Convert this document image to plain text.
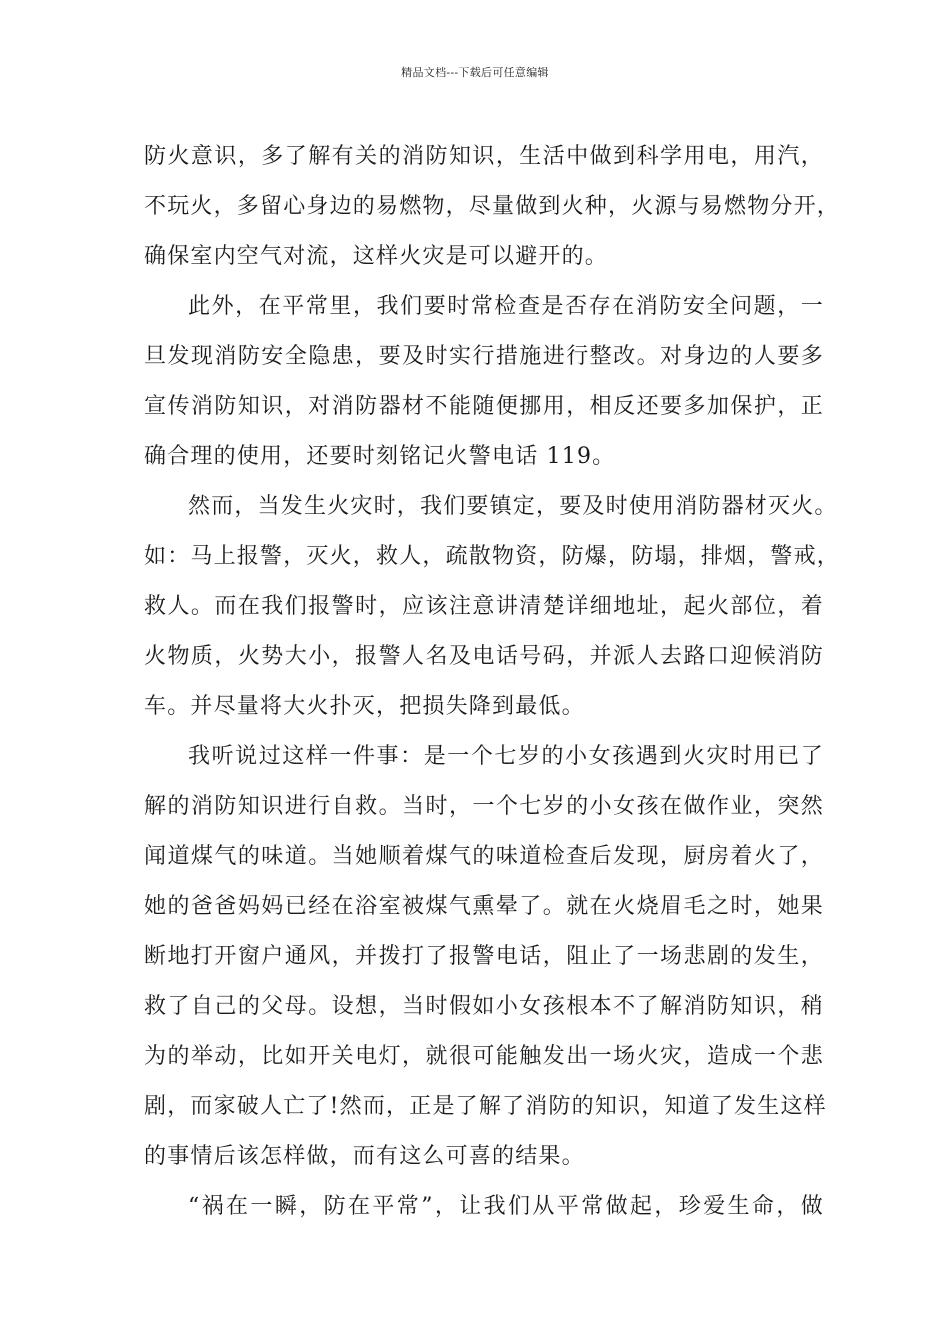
精品文档---下载后可任意编辑
防火意识，多了解有关的消防知识，生活中做到科学用电，用汽，
不玩火，多留心身边的易燃物，尽量做到火种，火源与易燃物分开，
确保室内空气对流，这样火灾是可以避开的。
此外，在平常里，我们要时常检查是否存在消防安全问题，一
旦发现消防安全隐患，要及时实行措施进行整改。对身边的人要多
宣传消防知识，对消防器材不能随便挪用，相反还要多加保护，正
确合理的使用，还要时刻铭记火警电话 119。
然而，当发生火灾时，我们要镇定，要及时使用消防器材灭火。
如：马上报警，灭火，救人，疏散物资，防爆，防塌，排烟，警戒，
救人。而在我们报警时，应该注意讲清楚详细地址，起火部位，着
火物质，火势大小，报警人名及电话号码，并派人去路口迎候消防
车。并尽量将大火扑灭，把损失降到最低。
我听说过这样一件事：是一个七岁的小女孩遇到火灾时用已了
解的消防知识进行自救。当时，一个七岁的小女孩在做作业，突然
闻道煤气的味道。当她顺着煤气的味道检查后发现，厨房着火了，
她的爸爸妈妈已经在浴室被煤气熏晕了。就在火烧眉毛之时，她果
断地打开窗户通风，并拨打了报警电话，阻止了一场悲剧的发生，
救了自己的父母。设想，当时假如小女孩根本不了解消防知识，稍
为的举动，比如开关电灯，就很可能触发出一场火灾，造成一个悲
剧，而家破人亡了!然而，正是了解了消防的知识，知道了发生这样
的事情后该怎样做，而有这么可喜的结果。
“祸在一瞬，防在平常”，让我们从平常做起，珍爱生命，做
